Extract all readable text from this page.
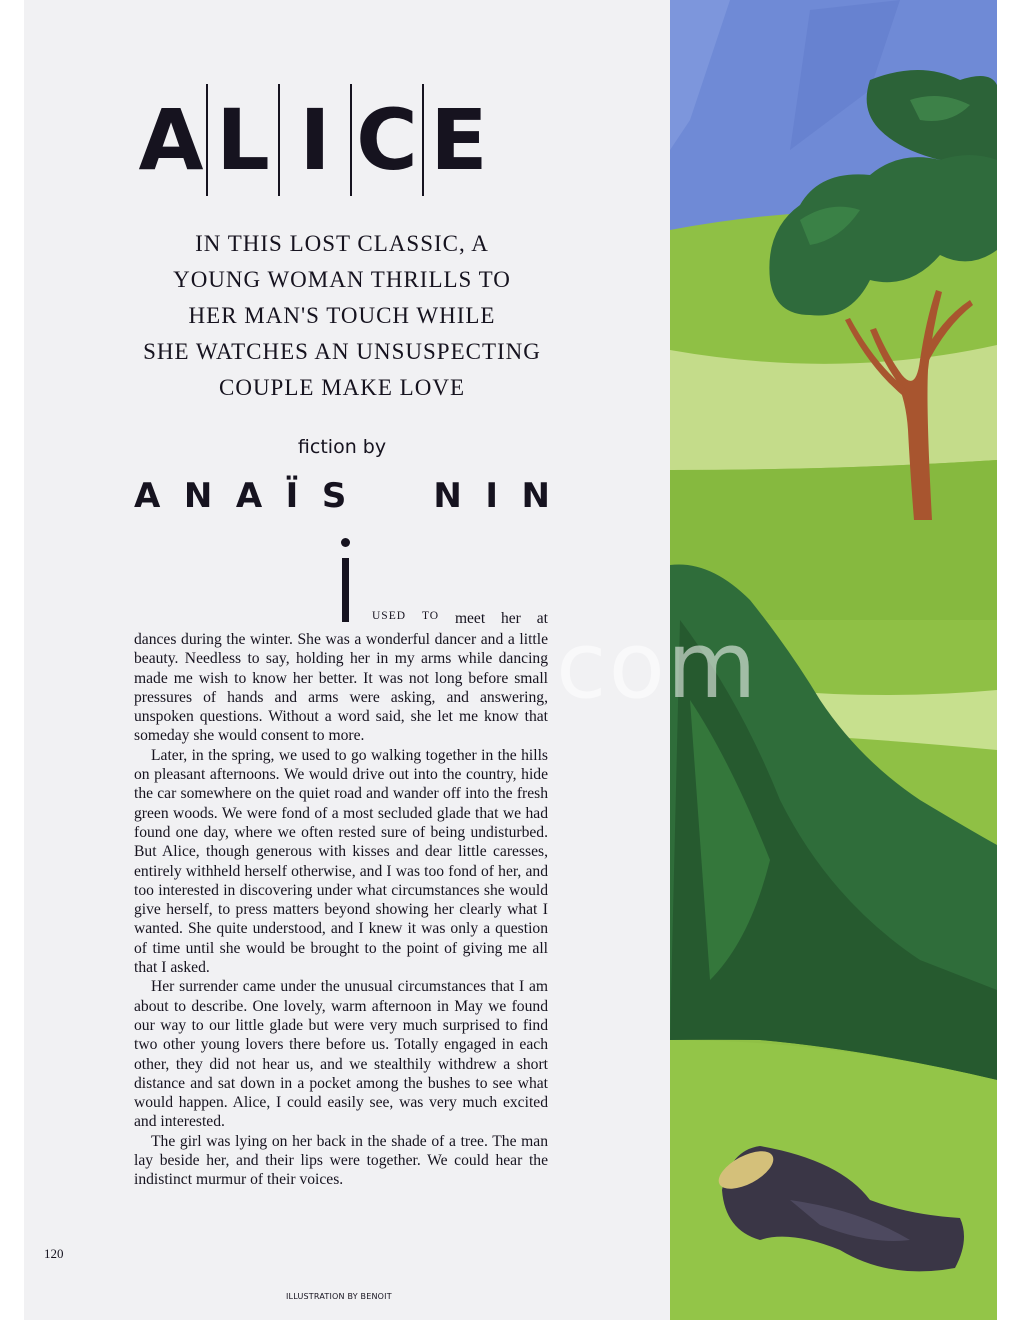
A L I C E
IN THIS LOST CLASSIC, A
YOUNG WOMAN THRILLS TO
HER MAN'S TOUCH WHILE
SHE WATCHES AN UNSUSPECTING
COUPLE MAKE LOVE
fiction by
A N A Ï S	N I N
USED TO meet her at

dances during the winter. She was a wonderful dancer and a little beauty. Needless to say, holding her in my arms while dancing made me wish to know her better. It was not long before small pressures of hands and arms were asking, and answering, unspoken questions. Without a word said, she let me know that someday she would consent to more.

Later, in the spring, we used to go walking together in the hills on pleasant afternoons. We would drive out into the country, hide the car somewhere on the quiet road and wander off into the fresh green woods. We were fond of a most secluded glade that we had found one day, where we often rested sure of being undisturbed. But Alice, though generous with kisses and dear little caresses, entirely withheld herself otherwise, and I was too fond of her, and too interested in discovering under what circumstances she would give herself, to press matters beyond showing her clearly what I wanted. She quite understood, and I knew it was only a question of time until she would be brought to the point of giving me all that I asked.

Her surrender came under the unusual circumstances that I am about to describe. One lovely, warm afternoon in May we found our way to our little glade but were very much surprised to find two other young lovers there before us. Totally engaged in each other, they did not hear us, and we stealthily withdrew a short distance and sat down in a pocket among the bushes to see what would happen. Alice, I could easily see, was very much excited and interested.

The girl was lying on her back in the shade of a tree. The man lay beside her, and their lips were together. We could hear the indistinct murmur of their voices.

120
ILLUSTRATION BY BENOIT
com
